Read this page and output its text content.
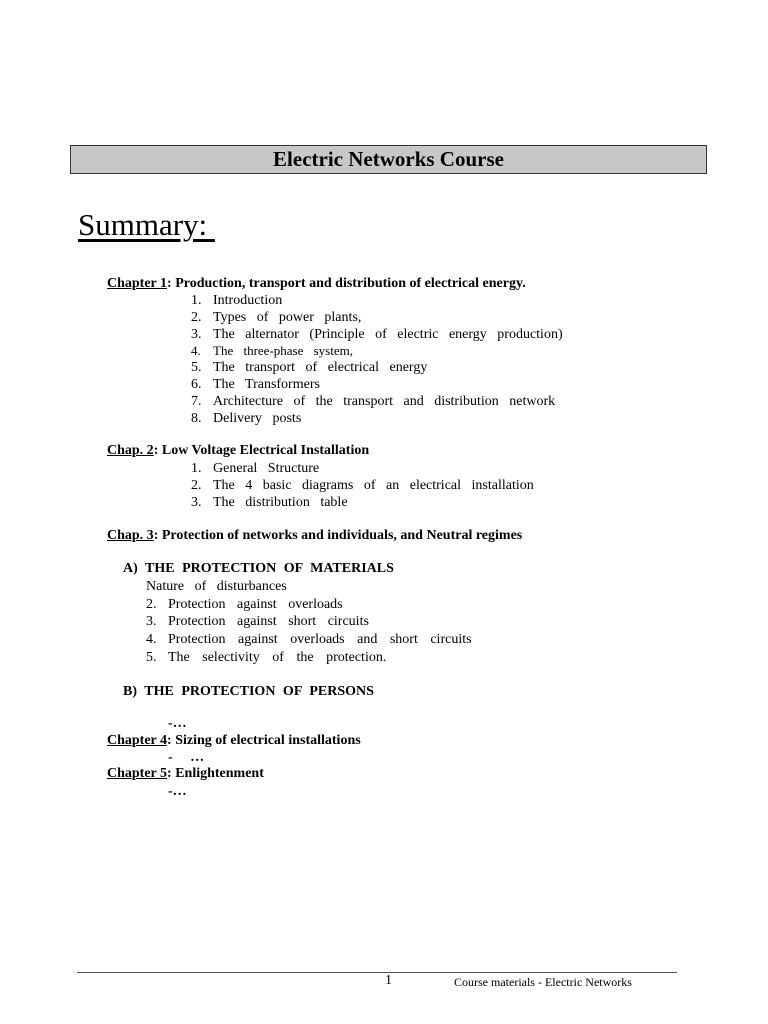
Electric Networks Course
Summary:
Chapter 1: Production, transport and distribution of electrical energy.
1. Introduction
2. Types of power plants,
3. The alternator (Principle of electric energy production)
4. The three-phase system,
5. The transport of electrical energy
6. The Transformers
7. Architecture of the transport and distribution network
8. Delivery posts
Chap. 2: Low Voltage Electrical Installation
1. General Structure
2. The 4 basic diagrams of an electrical installation
3. The distribution table
Chap. 3: Protection of networks and individuals, and Neutral regimes
A) THE PROTECTION OF MATERIALS
Nature of disturbances
2. Protection against overloads
3. Protection against short circuits
4. Protection against overloads and short circuits
5. The selectivity of the protection.
B) THE PROTECTION OF PERSONS
-…
Chapter 4: Sizing of electrical installations
-     …
Chapter 5: Enlightenment
-…
1	Course materials - Electric Networks
